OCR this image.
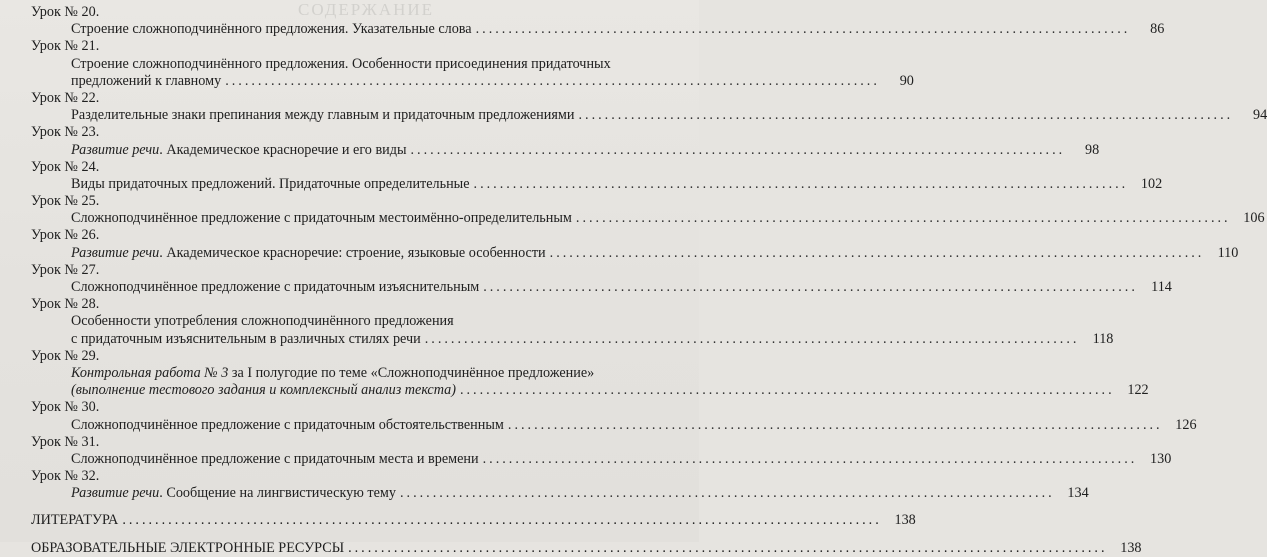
СОДЕРЖАНИЕ
Урок № 20.
Строение сложноподчинённого предложения. Указательные слова ....................................................................................................	86
Урок № 21.
Строение сложноподчинённого предложения. Особенности присоединения придаточных
предложений к главному ....................................................................................................	90
Урок № 22.
Разделительные знаки препинания между главным и придаточным предложениями ....................................................................................................	94
Урок № 23.
Развитие речи. Академическое красноречие и его виды ....................................................................................................	98
Урок № 24.
Виды придаточных предложений. Придаточные определительные .................................................................................................... 102
Урок № 25.
Сложноподчинённое предложение с придаточным местоимённо-определительным .................................................................................................... 106
Урок № 26.
Развитие речи. Академическое красноречие: строение, языковые особенности .................................................................................................... 110
Урок № 27.
Сложноподчинённое предложение с придаточным изъяснительным .................................................................................................... 114
Урок № 28.
Особенности употребления сложноподчинённого предложения
с придаточным изъяснительным в различных стилях речи .................................................................................................... 118
Урок № 29.
Контрольная работа № 3 за I полугодие по теме «Сложноподчинённое предложение»
(выполнение тестового задания и комплексный анализ текста) .................................................................................................... 122
Урок № 30.
Сложноподчинённое предложение с придаточным обстоятельственным .................................................................................................... 126
Урок № 31.
Сложноподчинённое предложение с придаточным места и времени .................................................................................................... 130
Урок № 32.
Развитие речи. Сообщение на лингвистическую тему .................................................................................................... 134
ЛИТЕРАТУРА .................................................................................................................... 138
ОБРАЗОВАТЕЛЬНЫЕ ЭЛЕКТРОННЫЕ РЕСУРСЫ .................................................................................................................... 138
